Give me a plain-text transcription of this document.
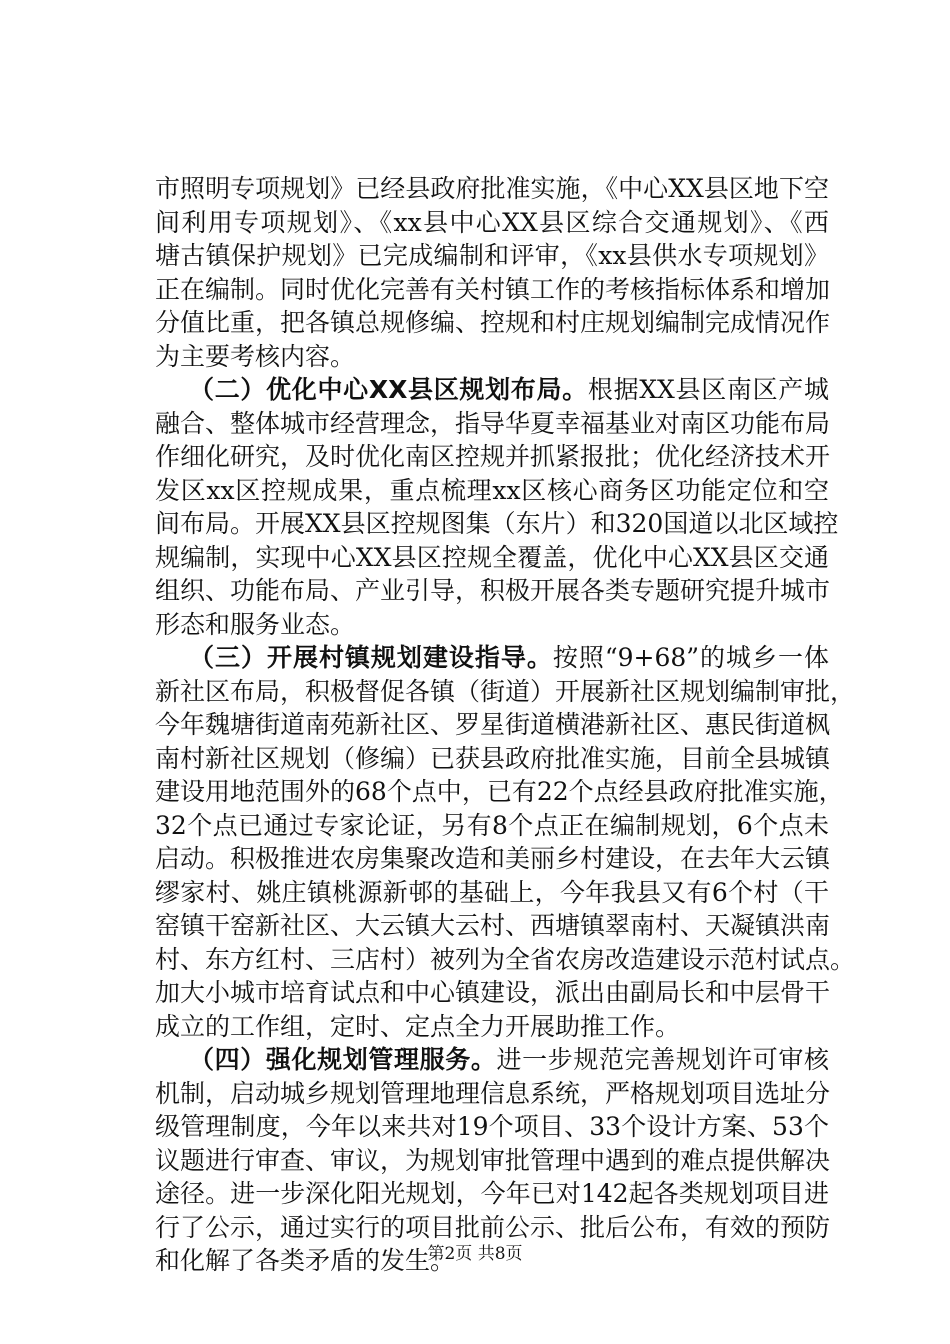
市照明专项规划》已经县政府批准实施，《中心XX县区地下空
间利用专项规划》、《xx县中心XX县区综合交通规划》、《西
塘古镇保护规划》已完成编制和评审，《xx县供水专项规划》
正在编制。同时优化完善有关村镇工作的考核指标体系和增加
分值比重，把各镇总规修编、控规和村庄规划编制完成情况作
为主要考核内容。
（二）优化中心XX县区规划布局。根据XX县区南区产城
融合、整体城市经营理念，指导华夏幸福基业对南区功能布局
作细化研究，及时优化南区控规并抓紧报批；优化经济技术开
发区xx区控规成果，重点梳理xx区核心商务区功能定位和空
间布局。开展XX县区控规图集（东片）和320国道以北区域控
规编制，实现中心XX县区控规全覆盖，优化中心XX县区交通
组织、功能布局、产业引导，积极开展各类专题研究提升城市
形态和服务业态。
（三）开展村镇规划建设指导。按照“9+68”的城乡一体
新社区布局，积极督促各镇（街道）开展新社区规划编制审批，
今年魏塘街道南苑新社区、罗星街道横港新社区、惠民街道枫
南村新社区规划（修编）已获县政府批准实施，目前全县城镇
建设用地范围外的68个点中，已有22个点经县政府批准实施，
32个点已通过专家论证，另有8个点正在编制规划，6个点未
启动。积极推进农房集聚改造和美丽乡村建设，在去年大云镇
缪家村、姚庄镇桃源新邨的基础上，今年我县又有6个村（干
窑镇干窑新社区、大云镇大云村、西塘镇翠南村、天凝镇洪南
村、东方红村、三店村）被列为全省农房改造建设示范村试点。
加大小城市培育试点和中心镇建设，派出由副局长和中层骨干
成立的工作组，定时、定点全力开展助推工作。
（四）强化规划管理服务。进一步规范完善规划许可审核
机制，启动城乡规划管理地理信息系统，严格规划项目选址分
级管理制度，今年以来共对19个项目、33个设计方案、53个
议题进行审查、审议，为规划审批管理中遇到的难点提供解决
途径。进一步深化阳光规划，今年已对142起各类规划项目进
行了公示，通过实行的项目批前公示、批后公布，有效的预防
和化解了各类矛盾的发生。
第2页 共8页
